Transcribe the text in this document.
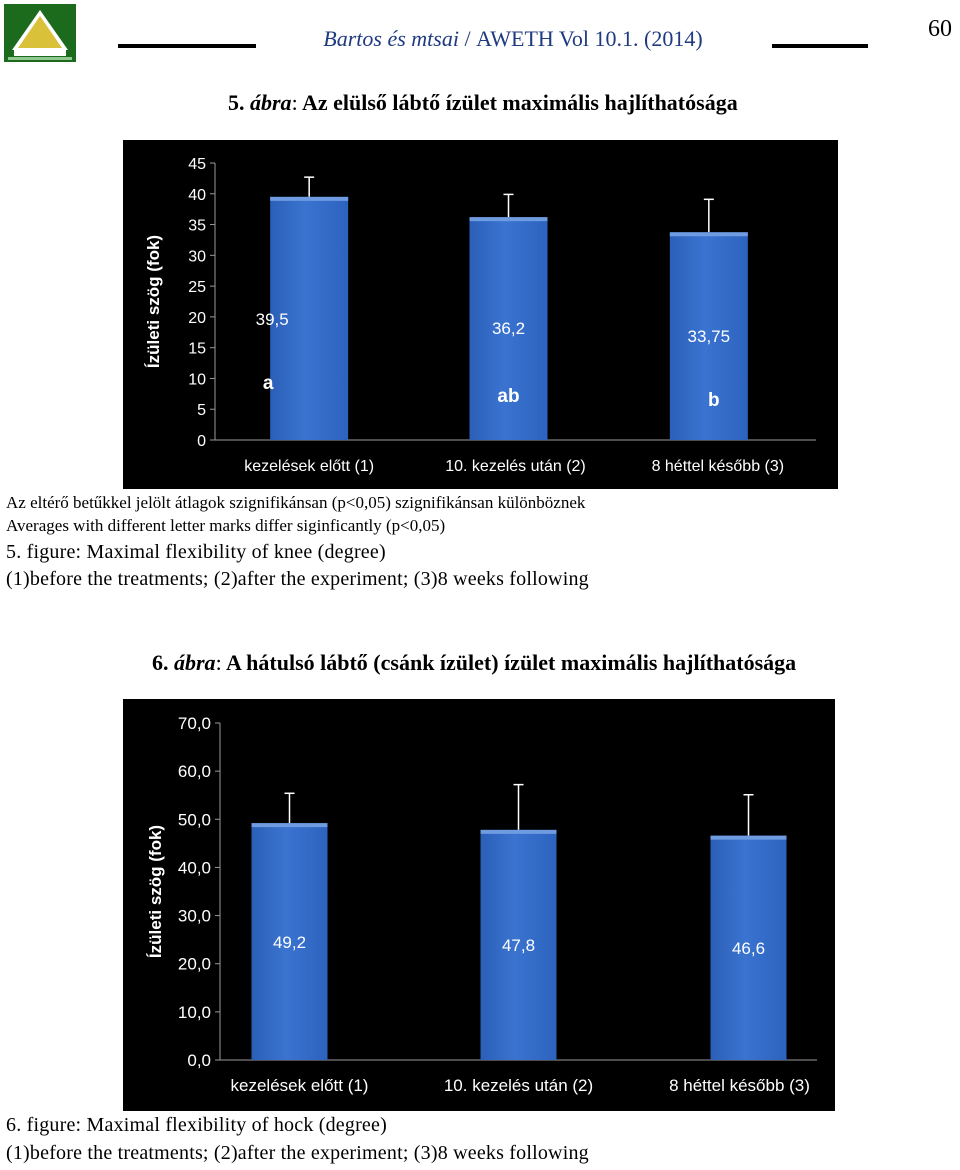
Bartos és mtsai / AWETH Vol 10.1. (2014)	60
5. ábra: Az elülső lábtő ízület maximális hajlíthatósága
0
5
10
15
20
25
30
35
40
45
Ízületi szög (fok)	39,5
a
kezelések előtt (1)
36,2
ab
10. kezelés után (2)
33,75
b
8 héttel később (3)
Az eltérő betűkkel jelölt átlagok szignifikánsan (p<0,05) szignifikánsan különböznek
Averages with different letter marks differ siginficantly (p<0,05)
5. figure: Maximal flexibility of knee (degree)
(1)before the treatments; (2)after the experiment; (3)8 weeks following
6. ábra: A hátulsó lábtő (csánk ízület) ízület maximális hajlíthatósága
0,0
10,0
20,0
30,0
40,0
50,0
60,0
70,0
Ízületi szög (fok)	49,2
kezelések előtt (1)
47,8
10. kezelés után (2)
46,6
8 héttel később (3)
6. figure: Maximal flexibility of hock (degree)
(1)before the treatments; (2)after the experiment; (3)8 weeks following
